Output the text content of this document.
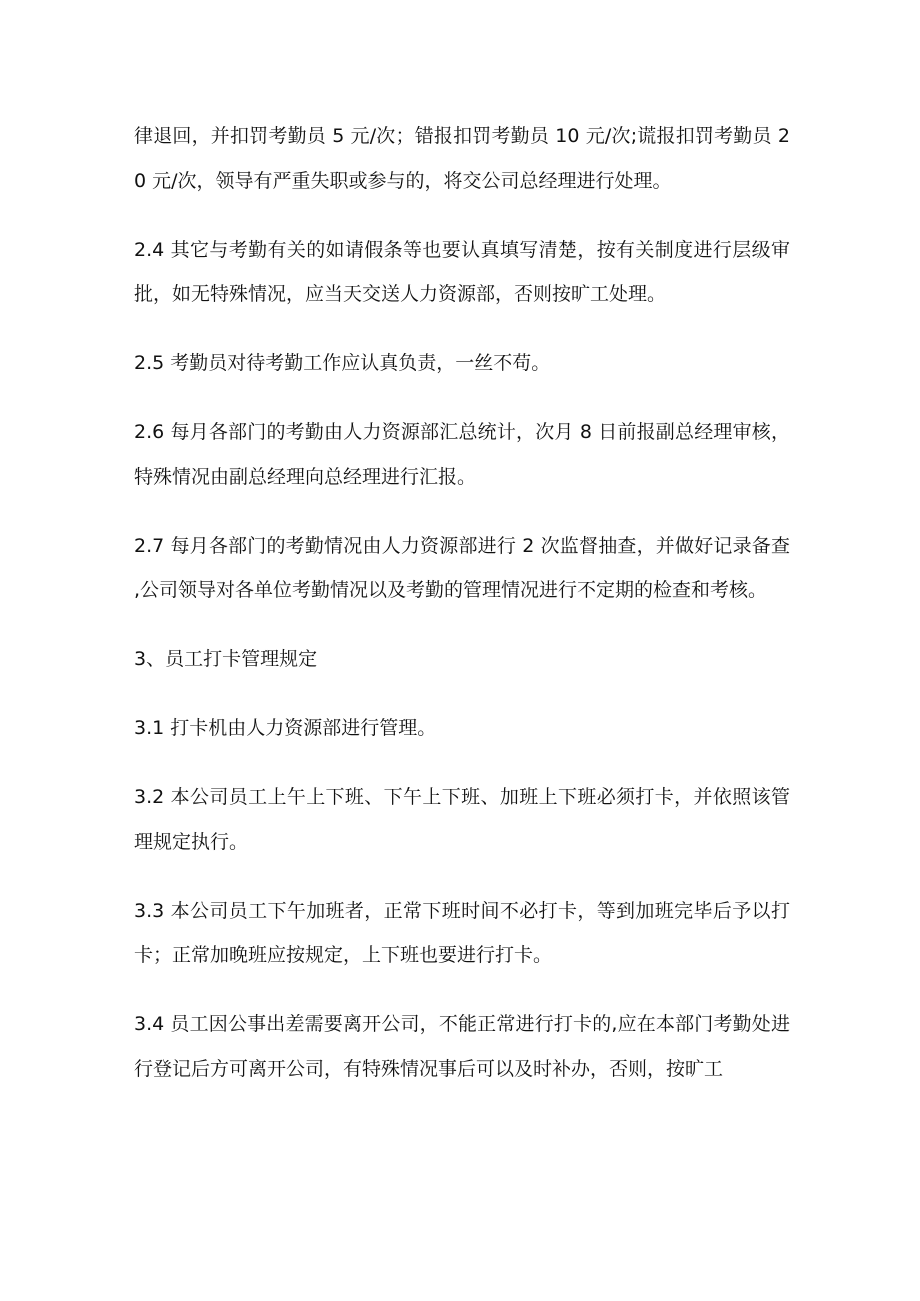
律退回，并扣罚考勤员 5 元/次；错报扣罚考勤员 10 元/次;谎报扣罚考勤员 20 元/次，领导有严重失职或参与的，将交公司总经理进行处理。

2.4 其它与考勤有关的如请假条等也要认真填写清楚，按有关制度进行层级审批，如无特殊情况，应当天交送人力资源部，否则按旷工处理。

2.5 考勤员对待考勤工作应认真负责，一丝不苟。

2.6 每月各部门的考勤由人力资源部汇总统计，次月 8 日前报副总经理审核，特殊情况由副总经理向总经理进行汇报。

2.7 每月各部门的考勤情况由人力资源部进行 2 次监督抽查，并做好记录备查 ,公司领导对各单位考勤情况以及考勤的管理情况进行不定期的检查和考核。

3、员工打卡管理规定

3.1 打卡机由人力资源部进行管理。

3.2 本公司员工上午上下班、下午上下班、加班上下班必须打卡，并依照该管理规定执行。

3.3 本公司员工下午加班者，正常下班时间不必打卡，等到加班完毕后予以打卡；正常加晚班应按规定，上下班也要进行打卡。

3.4 员工因公事出差需要离开公司，不能正常进行打卡的,应在本部门考勤处进行登记后方可离开公司，有特殊情况事后可以及时补办，否则，按旷工
